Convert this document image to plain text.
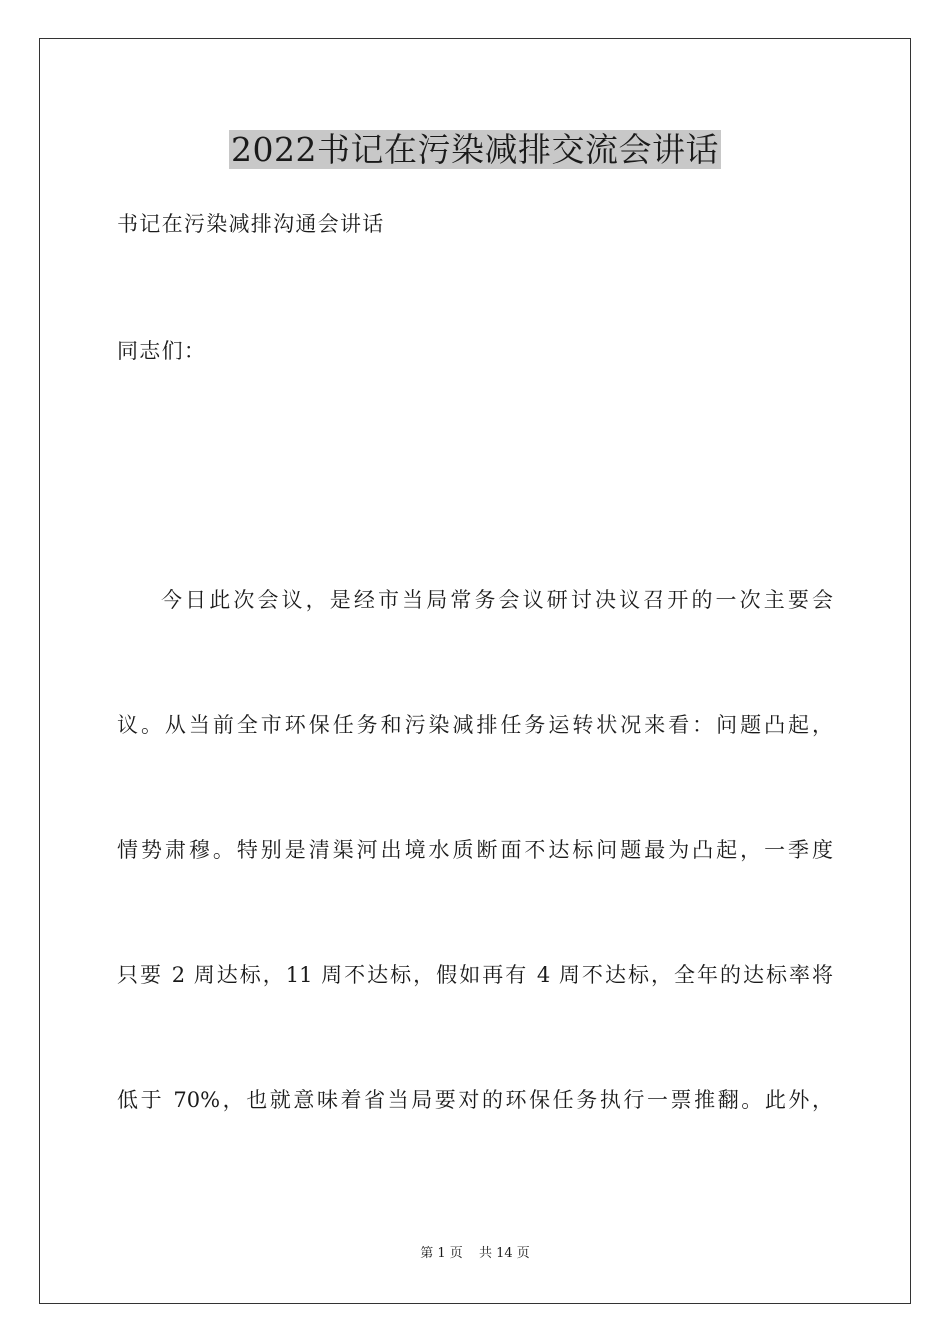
2022书记在污染减排交流会讲话

书记在污染减排沟通会讲话

同志们：

今日此次会议，是经市当局常务会议研讨决议召开的一次主要会

议。从当前全市环保任务和污染减排任务运转状况来看：问题凸起，

情势肃穆。特别是清渠河出境水质断面不达标问题最为凸起，一季度

只要 2 周达标，11 周不达标，假如再有 4 周不达标，全年的达标率将

低于 70%，也就意味着省当局要对的环保任务执行一票推翻。此外，

第 1 页 共 14 页
